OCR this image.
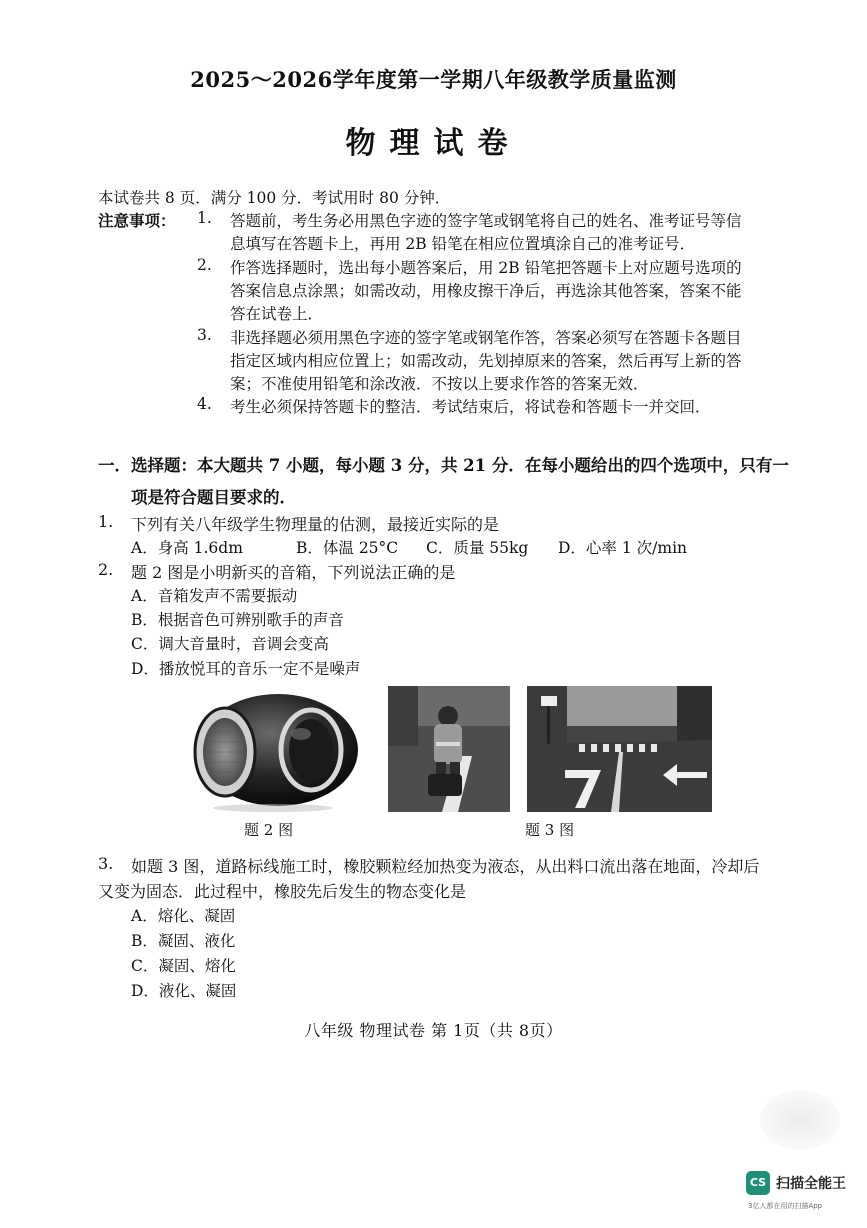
2025～2026学年度第一学期八年级教学质量监测
物理试卷
本试卷共 8 页．满分 100 分．考试用时 80 分钟．
注意事项： 1. 答题前，考生务必用黑色字迹的签字笔或钢笔将自己的姓名、准考证号等信
息填写在答题卡上，再用 2B 铅笔在相应位置填涂自己的准考证号．
2. 作答选择题时，选出每小题答案后，用 2B 铅笔把答题卡上对应题号选项的
答案信息点涂黑；如需改动，用橡皮擦干净后，再选涂其他答案，答案不能
答在试卷上．
3. 非选择题必须用黑色字迹的签字笔或钢笔作答，答案必须写在答题卡各题目
指定区域内相应位置上；如需改动，先划掉原来的答案，然后再写上新的答
案；不准使用铅笔和涂改液．不按以上要求作答的答案无效．
4. 考生必须保持答题卡的整洁．考试结束后，将试卷和答题卡一并交回．
一．选择题：本大题共 7 小题，每小题 3 分，共 21 分．在每小题给出的四个选项中，只有一
项是符合题目要求的．
1. 下列有关八年级学生物理量的估测，最接近实际的是
A．身高 1.6dm	B．体温 25°C C．质量 55kg D．心率 1 次/min
2. 题 2 图是小明新买的音箱，下列说法正确的是
A．音箱发声不需要振动
B．根据音色可辨别歌手的声音
C．调大音量时，音调会变高
D．播放悦耳的音乐一定不是噪声
题 2 图	题 3 图
3. 如题 3 图，道路标线施工时，橡胶颗粒经加热变为液态，从出料口流出落在地面，冷却后
又变为固态．此过程中，橡胶先后发生的物态变化是
A．熔化、凝固
B．凝固、液化
C．凝固、熔化
D．液化、凝固
八年级 物理试卷 第 1页（共 8页）
CS 扫描全能王
3亿人都在用的扫描App
